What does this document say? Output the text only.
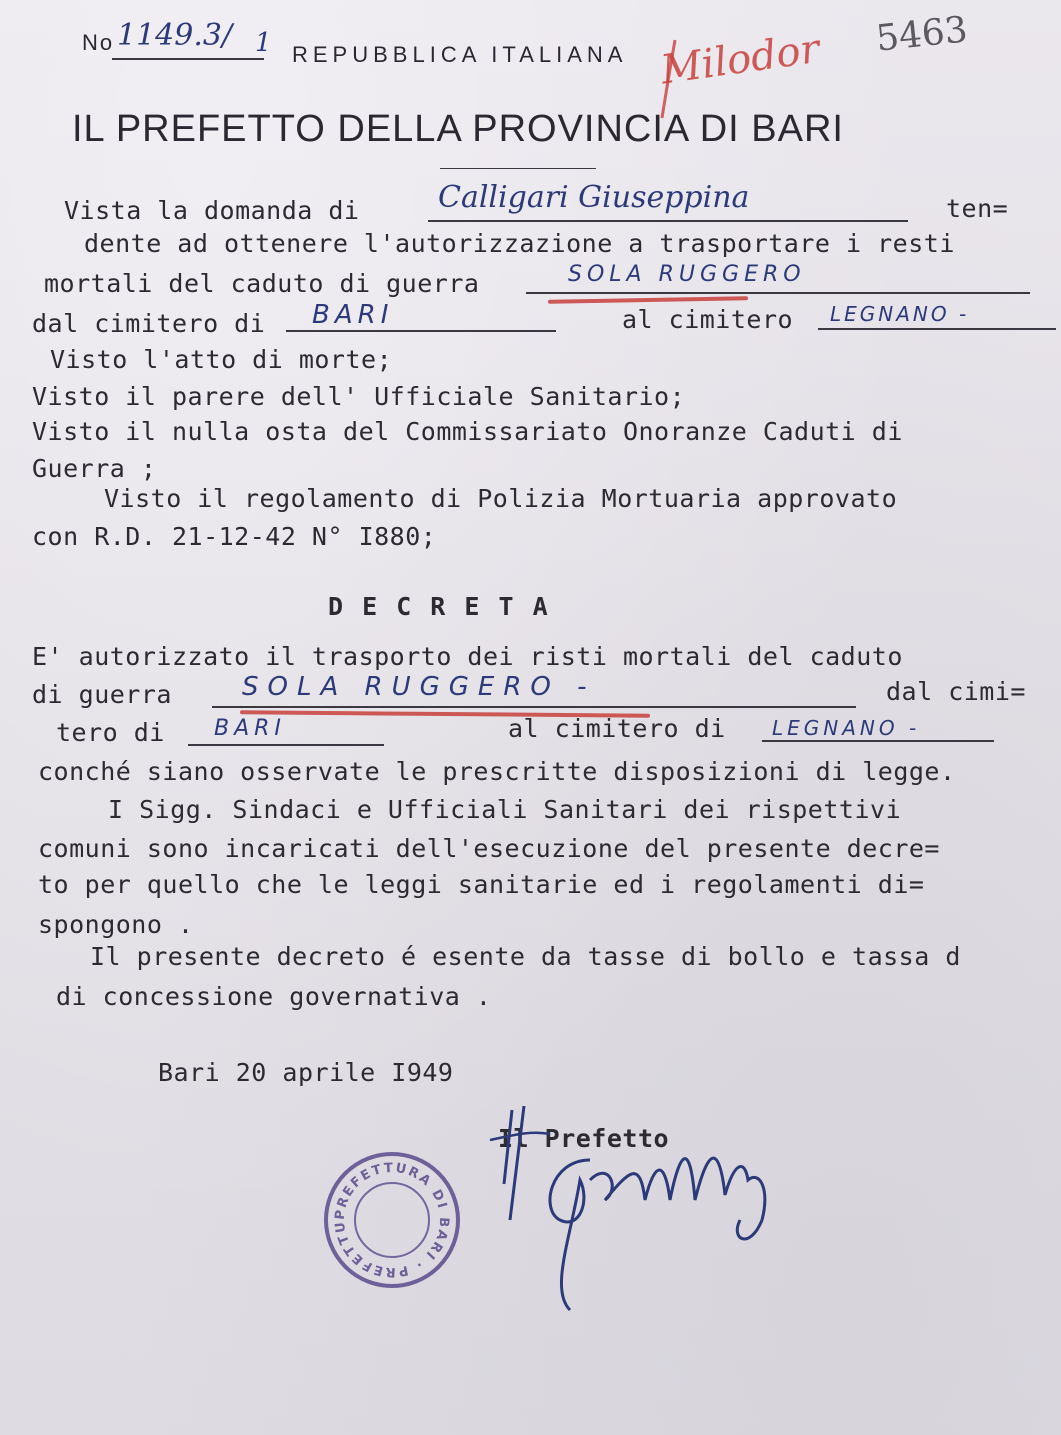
No 1149.3/ 1 REPUBBLICA ITALIANA Milodor 5463
IL PREFETTO DELLA PROVINCIA DI BARI
Vista la domanda di	Calligari Giuseppina	ten=
dente ad ottenere l'autorizzazione a trasportare i resti
mortali del caduto di guerra	SOLA RUGGERO
dal cimitero di BARI	al cimitero LEGNANO -
Visto l'atto di morte;
Visto il parere dell' Ufficiale Sanitario;
Visto il nulla osta del Commissariato Onoranze Caduti di
Guerra ;
Visto il regolamento di Polizia Mortuaria approvato
con R.D. 21-12-42 N° I880;
D E C R E T A
E' autorizzato il trasporto dei risti mortali del caduto
di guerra	SOLA RUGGERO -	dal cimi=
tero di BARI	al cimitero di LEGNANO -
conché siano osservate le prescritte disposizioni di legge.
I Sigg. Sindaci e Ufficiali Sanitari dei rispettivi
comuni sono incaricati dell'esecuzione del presente decre=
to per quello che le leggi sanitarie ed i regolamenti di=
spongono .
Il presente decreto é esente da tasse di bollo e tassa d
di concessione governativa .
Bari 20 aprile I949
Il Prefetto
PREFETTURA DI BARI · PREFETTURA ·
